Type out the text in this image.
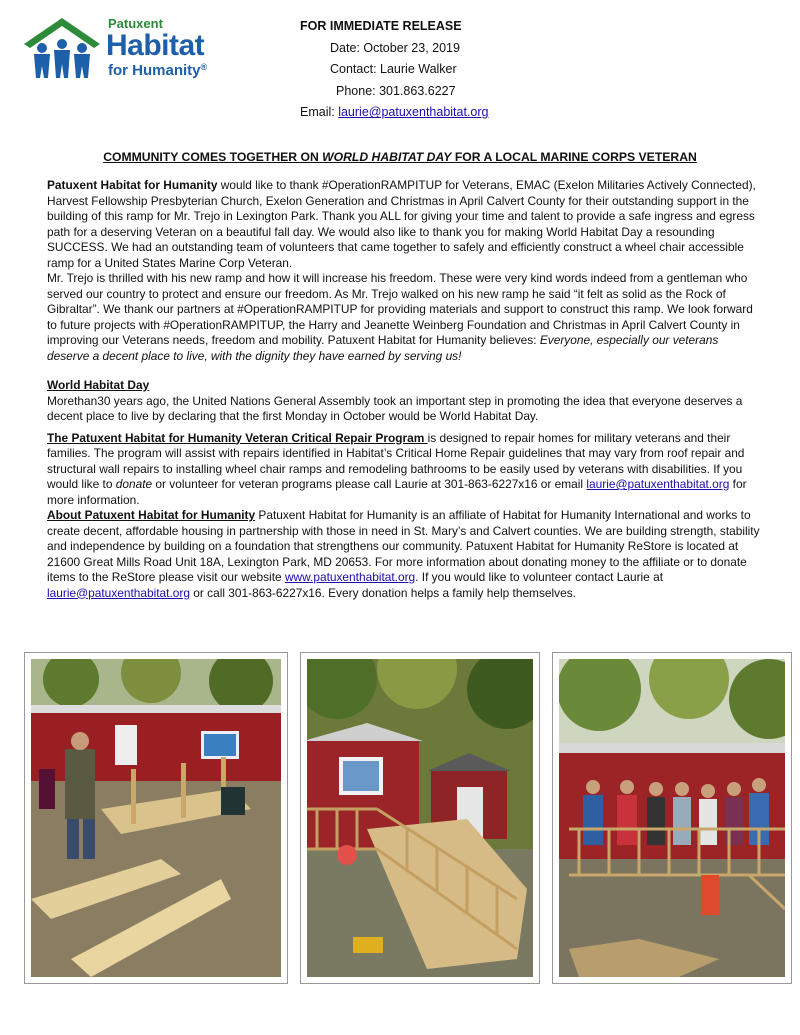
Patuxent
Habitat
for Humanity®
FOR IMMEDIATE RELEASE
Date: October 23, 2019
Contact: Laurie Walker
Phone: 301.863.6227
Email: laurie@patuxenthabitat.org
COMMUNITY COMES TOGETHER ON WORLD HABITAT DAY FOR A LOCAL MARINE CORPS VETERAN

Patuxent Habitat for Humanity would like to thank #OperationRAMPITUP for Veterans, EMAC (Exelon Militaries Actively Connected), Harvest Fellowship Presbyterian Church, Exelon Generation and Christmas in April Calvert County for their outstanding support in the building of this ramp for Mr. Trejo in Lexington Park. Thank you ALL for giving your time and talent to provide a safe ingress and egress path for a deserving Veteran on a beautiful fall day. We would also like to thank you for making World Habitat Day a resounding SUCCESS. We had an outstanding team of volunteers that came together to safely and efficiently construct a wheel chair accessible ramp for a United States Marine Corp Veteran.

Mr. Trejo is thrilled with his new ramp and how it will increase his freedom. These were very kind words indeed from a gentleman who served our country to protect and ensure our freedom. As Mr. Trejo walked on his new ramp he said “it felt as solid as the Rock of Gibraltar”. We thank our partners at #OperationRAMPITUP for providing materials and support to construct this ramp. We look forward to future projects with #OperationRAMPITUP, the Harry and Jeanette Weinberg Foundation and Christmas in April Calvert County in improving our Veterans needs, freedom and mobility. Patuxent Habitat for Humanity believes: Everyone, especially our veterans deserve a decent place to live, with the dignity they have earned by serving us!

World Habitat Day

Morethan30 years ago, the United Nations General Assembly took an important step in promoting the idea that everyone deserves a decent place to live by declaring that the first Monday in October would be World Habitat Day.

The Patuxent Habitat for Humanity Veteran Critical Repair Program is designed to repair homes for military veterans and their families. The program will assist with repairs identified in Habitat’s Critical Home Repair guidelines that may vary from roof repair and structural wall repairs to installing wheel chair ramps and remodeling bathrooms to be easily used by veterans with disabilities. If you would like to donate or volunteer for veteran programs please call Laurie at 301-863-6227x16 or email laurie@patuxenthabitat.org for more information.

About Patuxent Habitat for Humanity Patuxent Habitat for Humanity is an affiliate of Habitat for Humanity International and works to create decent, affordable housing in partnership with those in need in St. Mary’s and Calvert counties. We are building strength, stability and independence by building on a foundation that strengthens our community. Patuxent Habitat for Humanity ReStore is located at 21600 Great Mills Road Unit 18A, Lexington Park, MD 20653. For more information about donating money to the affiliate or to donate items to the ReStore please visit our website www.patuxenthabitat.org. If you would like to volunteer contact Laurie at laurie@patuxenthabitat.org or call 301-863-6227x16. Every donation helps a family help themselves.
